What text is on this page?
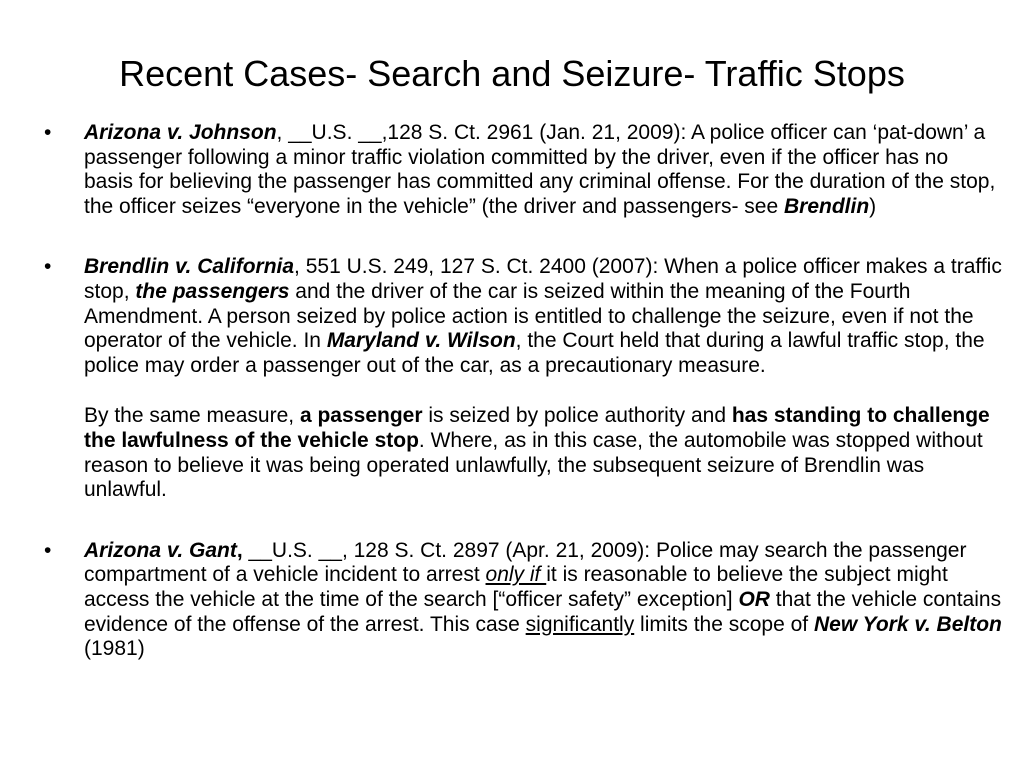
Recent Cases- Search and Seizure- Traffic Stops
• Arizona v. Johnson, __U.S. __,128 S. Ct. 2961 (Jan. 21, 2009): A police officer can ‘pat-down’ a passenger following a minor traffic violation committed by the driver, even if the officer has no basis for believing the passenger has committed any criminal offense. For the duration of the stop, the officer seizes “everyone in the vehicle” (the driver and passengers- see Brendlin)
• Brendlin v. California, 551 U.S. 249, 127 S. Ct. 2400 (2007): When a police officer makes a traffic stop, the passengers and the driver of the car is seized within the meaning of the Fourth Amendment. A person seized by police action is entitled to challenge the seizure, even if not the operator of the vehicle. In Maryland v. Wilson, the Court held that during a lawful traffic stop, the police may order a passenger out of the car, as a precautionary measure.
By the same measure, a passenger is seized by police authority and has standing to challenge the lawfulness of the vehicle stop. Where, as in this case, the automobile was stopped without reason to believe it was being operated unlawfully, the subsequent seizure of Brendlin was unlawful.
• Arizona v. Gant, __U.S. __, 128 S. Ct. 2897 (Apr. 21, 2009): Police may search the passenger compartment of a vehicle incident to arrest only if it is reasonable to believe the subject might access the vehicle at the time of the search [“officer safety” exception] OR that the vehicle contains evidence of the offense of the arrest. This case significantly limits the scope of New York v. Belton (1981)
